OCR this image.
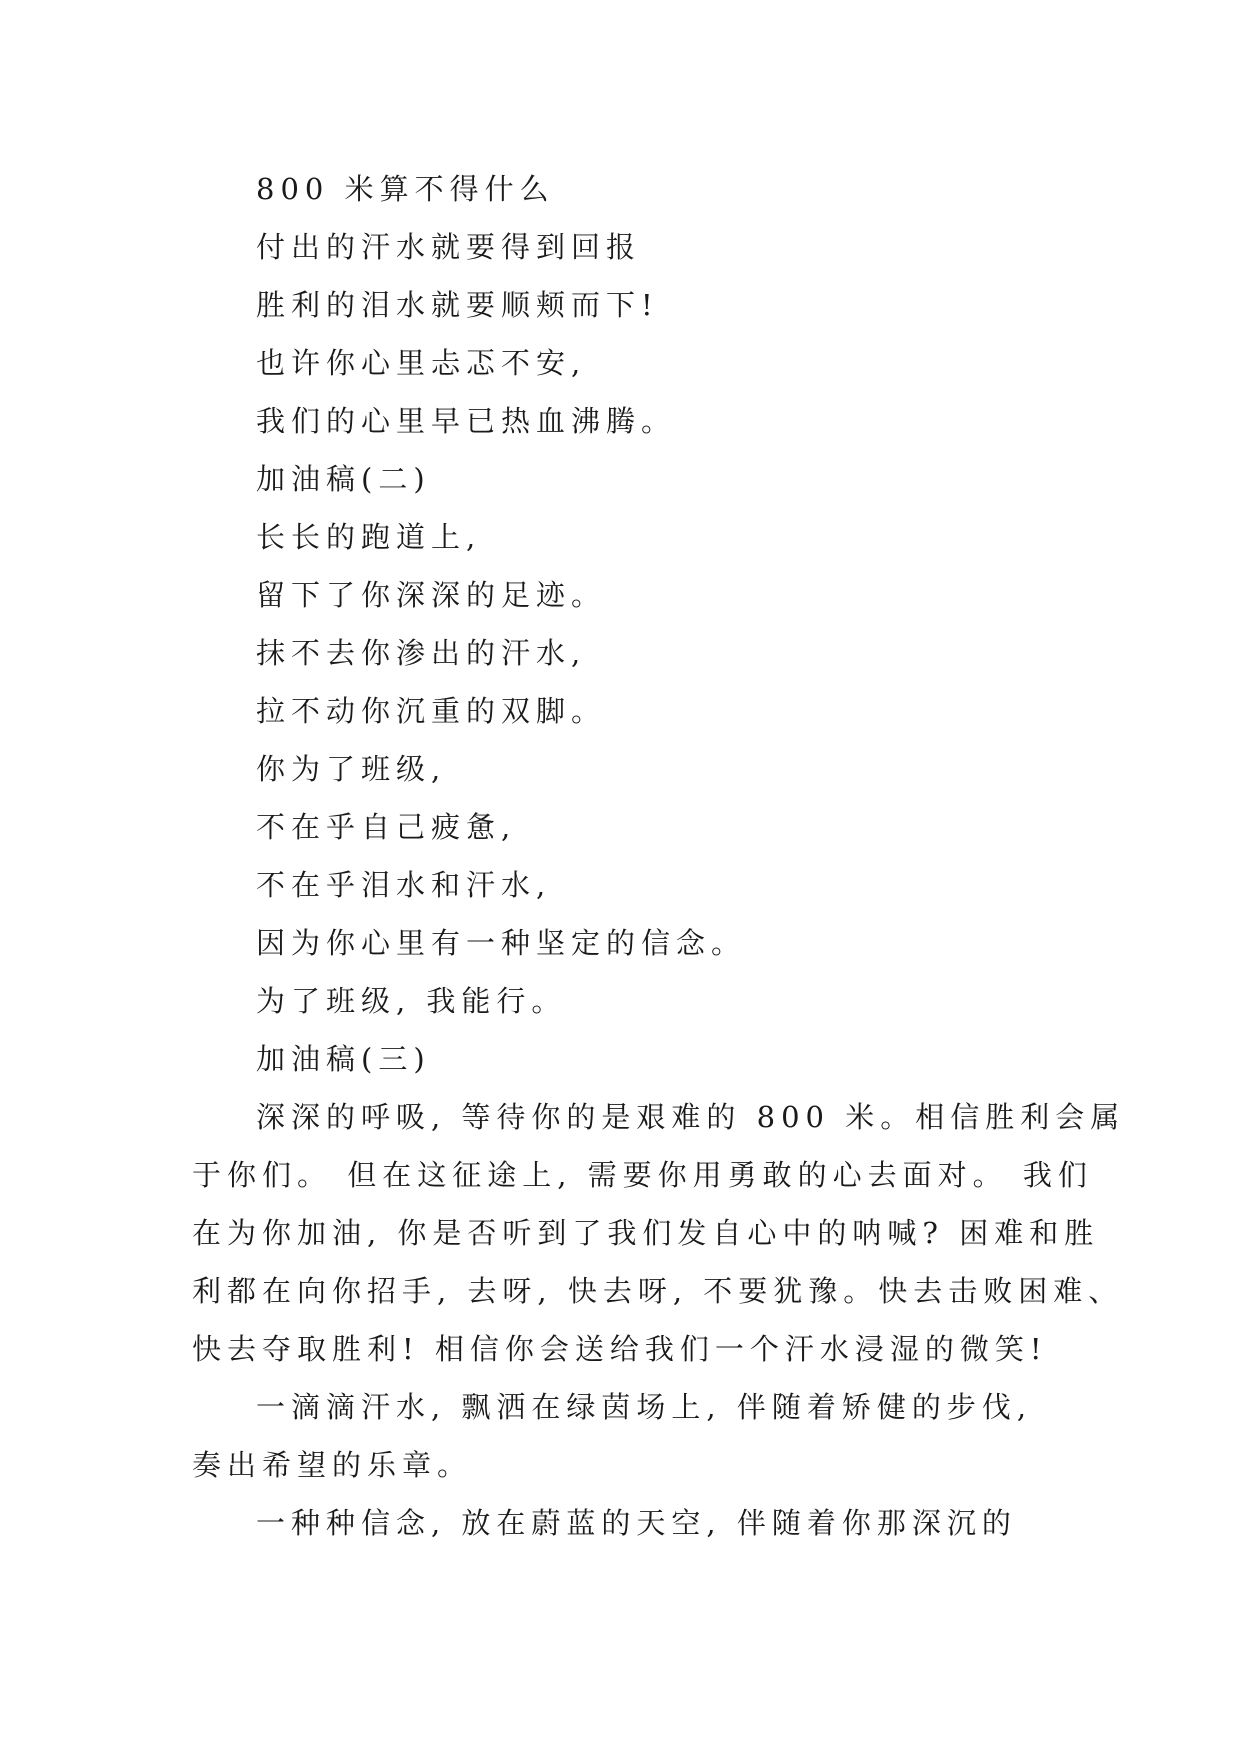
800 米算不得什么
付出的汗水就要得到回报
胜利的泪水就要顺颊而下!
也许你心里忐忑不安,
我们的心里早已热血沸腾。
加油稿(二)
长长的跑道上,
留下了你深深的足迹。
抹不去你渗出的汗水,
拉不动你沉重的双脚。
你为了班级,
不在乎自己疲惫,
不在乎泪水和汗水,
因为你心里有一种坚定的信念。
为了班级, 我能行。
加油稿(三)
深深的呼吸, 等待你的是艰难的 800 米。相信胜利会属
于你们。 但在这征途上, 需要你用勇敢的心去面对。 我们
在为你加油, 你是否听到了我们发自心中的呐喊? 困难和胜
利都在向你招手, 去呀, 快去呀, 不要犹豫。快去击败困难、
快去夺取胜利! 相信你会送给我们一个汗水浸湿的微笑!
一滴滴汗水, 飘洒在绿茵场上, 伴随着矫健的步伐,
奏出希望的乐章。
一种种信念, 放在蔚蓝的天空, 伴随着你那深沉的
